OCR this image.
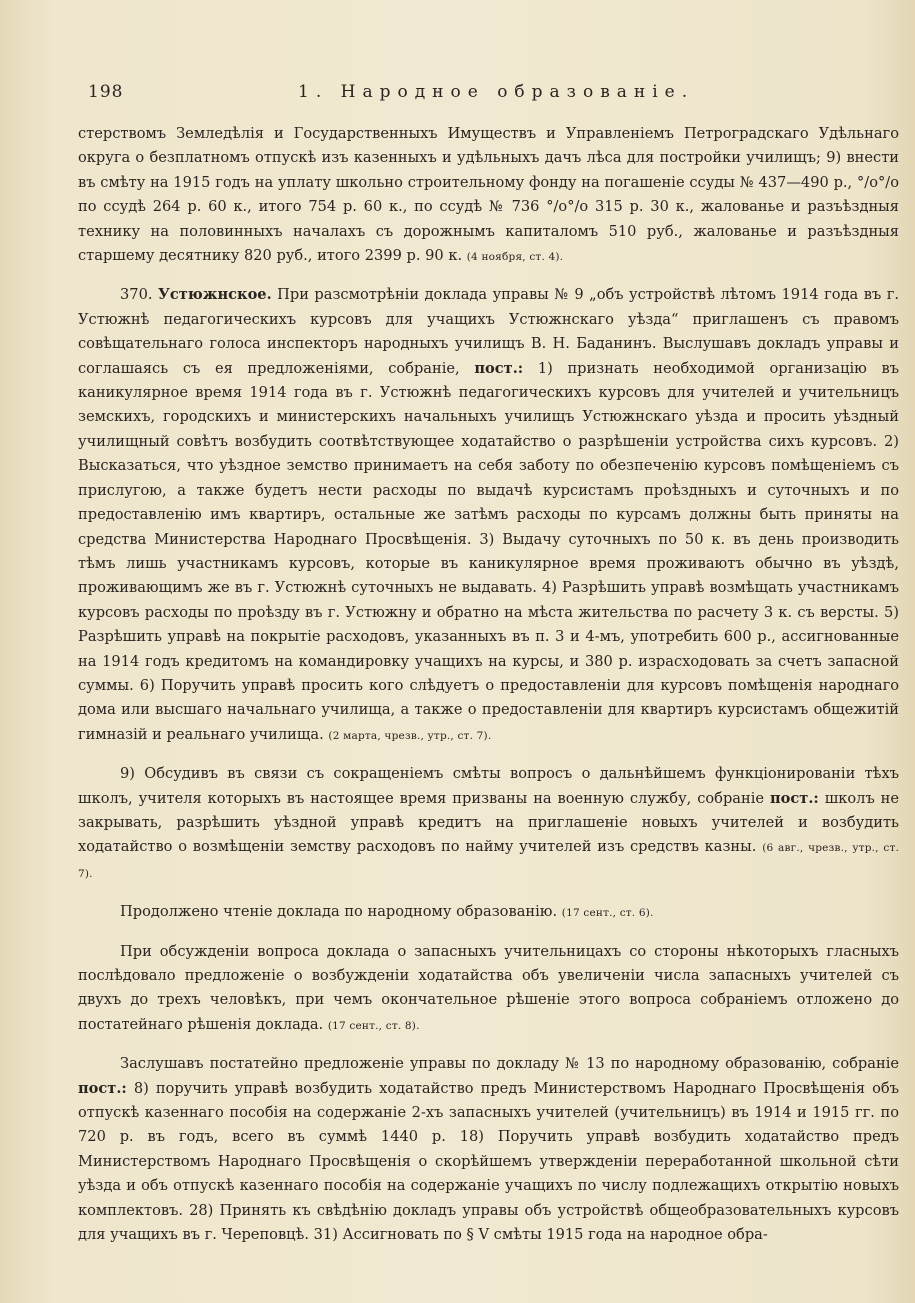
198	1. Народное образованіе.

стерствомъ Земледѣлія и Государственныхъ Имуществъ и Управленіемъ Петроградскаго Удѣльнаго округа о безплатномъ отпускѣ изъ казенныхъ и удѣльныхъ дачъ лѣса для постройки училищъ; 9) внести въ смѣту на 1915 годъ на уплату школьно строительному фонду на погашеніе ссуды № 437—490 р., °/о°/о по ссудѣ 264 р. 60 к., итого 754 р. 60 к., по ссудѣ № 736 °/о°/о 315 р. 30 к., жалованье и разъѣздныя технику на половинныхъ началахъ съ дорожнымъ капиталомъ 510 руб., жалованье и разъѣздныя старшему десятнику 820 руб., итого 2399 р. 90 к. (4 ноября, ст. 4).

370. Устюжнское. При разсмотрѣніи доклада управы № 9 „объ устройствѣ лѣтомъ 1914 года въ г. Устюжнѣ педагогическихъ курсовъ для учащихъ Устюжнскаго уѣзда“ приглашенъ съ правомъ совѣщательнаго голоса инспекторъ народныхъ училищъ В. Н. Баданинъ. Выслушавъ докладъ управы и соглашаясь съ ея предложеніями, собраніе, пост.: 1) признать необходимой организацію въ каникулярное время 1914 года въ г. Устюжнѣ педагогическихъ курсовъ для учителей и учительницъ земскихъ, городскихъ и министерскихъ начальныхъ училищъ Устюжнскаго уѣзда и просить уѣздный училищный совѣтъ возбудить соотвѣтствующее ходатайство о разрѣшеніи устройства сихъ курсовъ. 2) Высказаться, что уѣздное земство принимаетъ на себя заботу по обезпеченію курсовъ помѣщеніемъ съ прислугою, а также будетъ нести расходы по выдачѣ курсистамъ проѣздныхъ и суточныхъ и по предоставленію имъ квартиръ, остальные же затѣмъ расходы по курсамъ должны быть приняты на средства Министерства Народнаго Просвѣщенія. 3) Выдачу суточныхъ по 50 к. въ день производить тѣмъ лишь участникамъ курсовъ, которые въ каникулярное время проживаютъ обычно въ уѣздѣ, проживающимъ же въ г. Устюжнѣ суточныхъ не выдавать. 4) Разрѣшить управѣ возмѣщать участникамъ курсовъ расходы по проѣзду въ г. Устюжну и обратно на мѣста жительства по расчету 3 к. съ версты. 5) Разрѣшить управѣ на покрытіе расходовъ, указанныхъ въ п. 3 и 4-мъ, употребить 600 р., ассигнованные на 1914 годъ кредитомъ на командировку учащихъ на курсы, и 380 р. израсходовать за счетъ запасной суммы. 6) Поручить управѣ просить кого слѣдуетъ о предоставленіи для курсовъ помѣщенія народнаго дома или высшаго начальнаго училища, а также о предоставленіи для квартиръ курсистамъ общежитій гимназій и реальнаго училища. (2 марта, чрезв., утр., ст. 7).

9) Обсудивъ въ связи съ сокращеніемъ смѣты вопросъ о дальнѣйшемъ функціонированіи тѣхъ школъ, учителя которыхъ въ настоящее время призваны на военную службу, собраніе пост.: школъ не закрывать, разрѣшить уѣздной управѣ кредитъ на приглашеніе новыхъ учителей и возбудить ходатайство о возмѣщеніи земству расходовъ по найму учителей изъ средствъ казны. (6 авг., чрезв., утр., ст. 7).

Продолжено чтеніе доклада по народному образованію. (17 сент., ст. 6).

При обсужденіи вопроса доклада о запасныхъ учительницахъ со стороны нѣкоторыхъ гласныхъ послѣдовало предложеніе о возбужденіи ходатайства объ увеличеніи числа запасныхъ учителей съ двухъ до трехъ человѣкъ, при чемъ окончательное рѣшеніе этого вопроса собраніемъ отложено до постатейнаго рѣшенія доклада. (17 сент., ст. 8).

Заслушавъ постатейно предложеніе управы по докладу № 13 по народному образованію, собраніе пост.: 8) поручить управѣ возбудить ходатайство предъ Министерствомъ Народнаго Просвѣщенія объ отпускѣ казеннаго пособія на содержаніе 2-хъ запасныхъ учителей (учительницъ) въ 1914 и 1915 гг. по 720 р. въ годъ, всего въ суммѣ 1440 р. 18) Поручить управѣ возбудить ходатайство предъ Министерствомъ Народнаго Просвѣщенія о скорѣйшемъ утвержденіи переработанной школьной сѣти уѣзда и объ отпускѣ казеннаго пособія на содержаніе учащихъ по числу подлежащихъ открытію новыхъ комплектовъ. 28) Принять къ свѣдѣнію докладъ управы объ устройствѣ общеобразовательныхъ курсовъ для учащихъ въ г. Череповцѣ. 31) Ассигновать по § V смѣты 1915 года на народное обра-
